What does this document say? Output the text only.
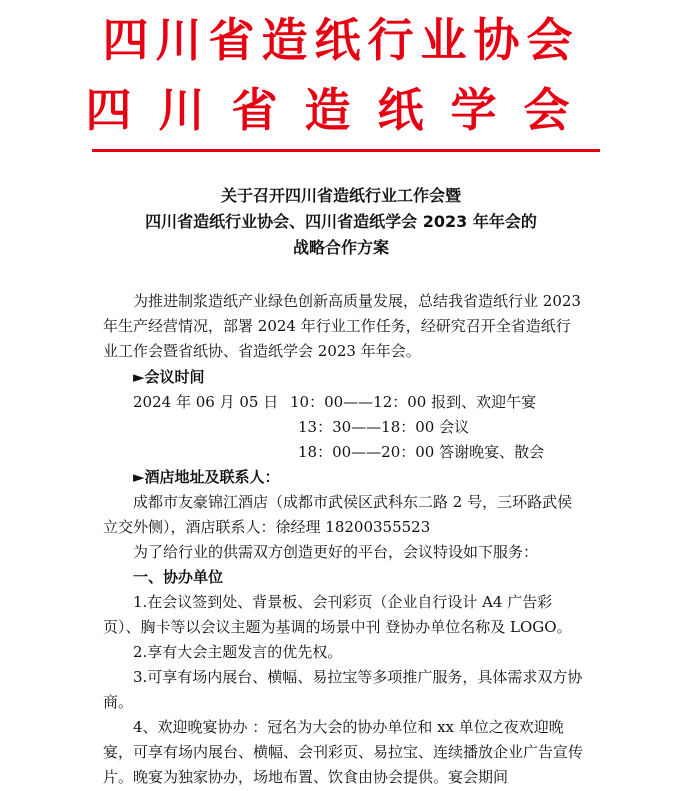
四川省造纸行业协会
四川省造纸学会
关于召开四川省造纸行业工作会暨
四川省造纸行业协会、四川省造纸学会 2023 年年会的
战略合作方案

为推进制浆造纸产业绿色创新高质量发展，总结我省造纸行业 2023 年生产经营情况，部署 2024 年行业工作任务，经研究召开全省造纸行业工作会暨省纸协、省造纸学会 2023 年年会。

►会议时间
2024 年 06 月 05 日 10：00——12：00 报到、欢迎午宴
13：30——18：00 会议
18：00——20：00 答谢晚宴、散会
►酒店地址及联系人：

成都市友豪锦江酒店（成都市武侯区武科东二路 2 号，三环路武侯立交外侧），酒店联系人：徐经理 18200355523

为了给行业的供需双方创造更好的平台，会议特设如下服务：

一、协办单位

1.在会议签到处、背景板、会刊彩页（企业自行设计 A4 广告彩页）、胸卡等以会议主题为基调的场景中刊 登协办单位名称及 LOGO。

2.享有大会主题发言的优先权。

3.可享有场内展台、横幅、易拉宝等多项推广服务，具体需求双方协商。

4、欢迎晚宴协办 ：冠名为大会的协办单位和 xx 单位之夜欢迎晚宴，可享有场内展台、横幅、会刊彩页、易拉宝、连续播放企业广告宣传片。晚宴为独家协办，场地布置、饮食由协会提供。宴会期间
